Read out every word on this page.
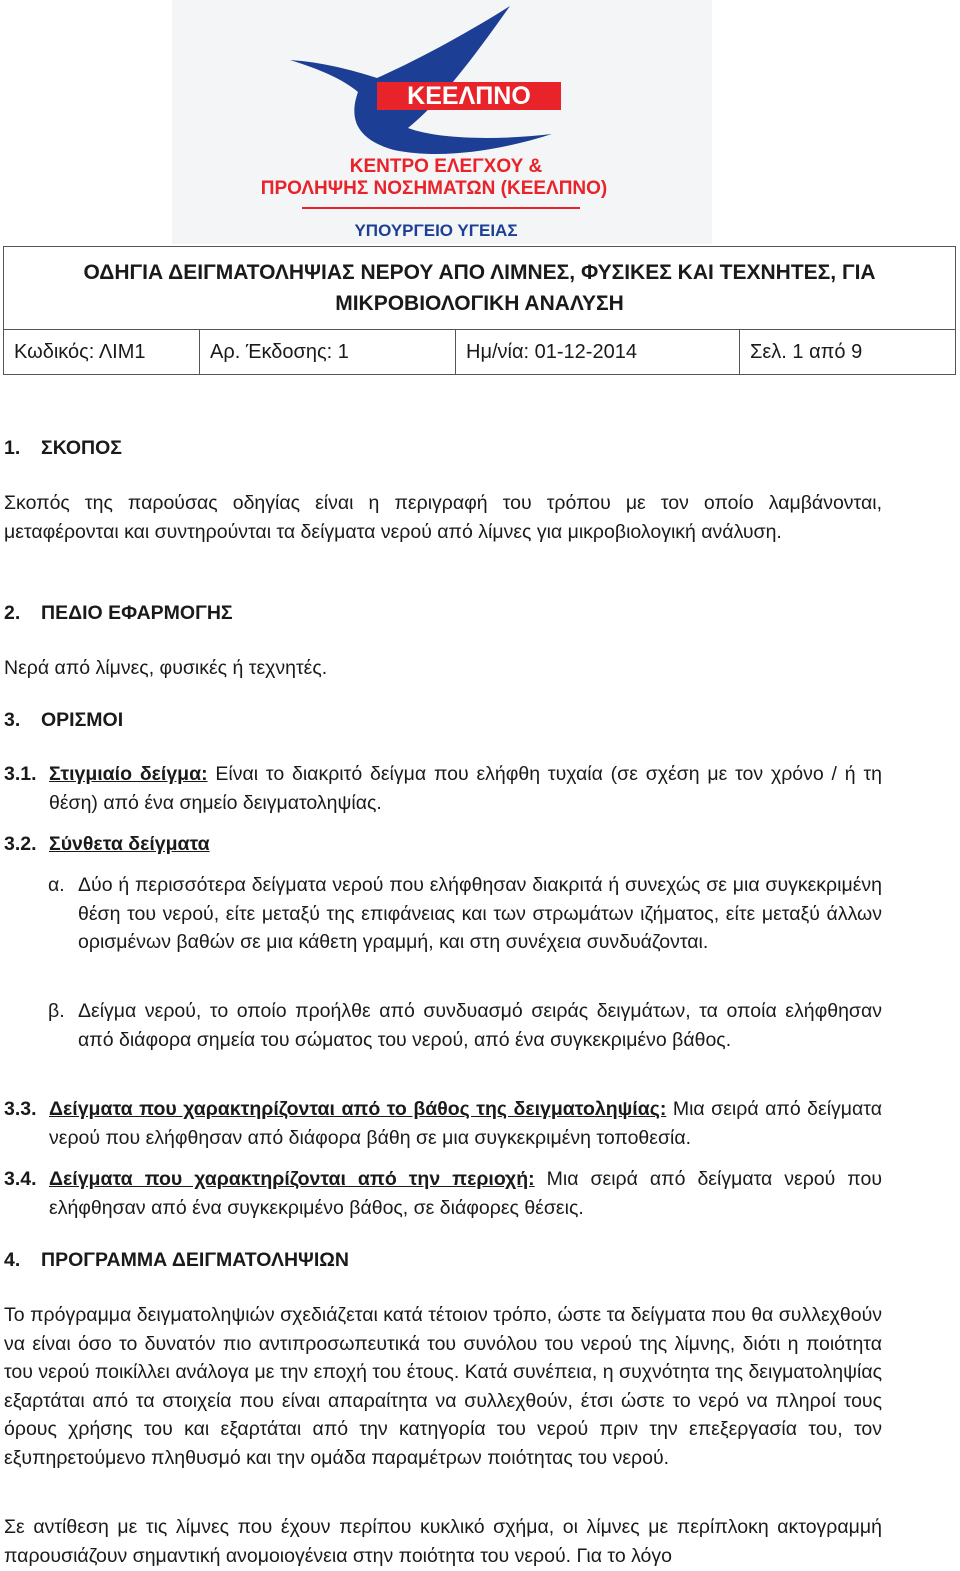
ΚΕΕΛΠΝΟ
ΚΕΝΤΡΟ ΕΛΕΓΧΟΥ &
ΠΡΟΛΗΨΗΣ ΝΟΣΗΜΑΤΩΝ (ΚΕΕΛΠΝΟ)
ΥΠΟΥΡΓΕΙΟ ΥΓΕΙΑΣ
ΟΔΗΓΙΑ ΔΕΙΓΜΑΤΟΛΗΨΙΑΣ ΝΕΡΟΥ ΑΠΟ ΛΙΜΝΕΣ, ΦΥΣΙΚΕΣ ΚΑΙ ΤΕΧΝΗΤΕΣ, ΓΙΑ
ΜΙΚΡΟΒΙΟΛΟΓΙΚΗ ΑΝΑΛΥΣΗ

Κωδικός: ΛΙΜ1	Αρ. Έκδοσης: 1	Ημ/νία: 01-12-2014	Σελ. 1 από 9
1. ΣΚΟΠΟΣ

Σκοπός της παρούσας οδηγίας είναι η περιγραφή του τρόπου με τον οποίο λαμβάνονται, μεταφέρονται και συντηρούνται τα δείγματα νερού από λίμνες για μικροβιολογική ανάλυση.

2. ΠΕΔΙΟ ΕΦΑΡΜΟΓΗΣ

Νερά από λίμνες, φυσικές ή τεχνητές.

3. ΟΡΙΣΜΟΙ
3.1. Στιγμιαίο δείγμα: Είναι το διακριτό δείγμα που ελήφθη τυχαία (σε σχέση με τον χρόνο / ή τη θέση) από ένα σημείο δειγματοληψίας.
3.2. Σύνθετα δείγματα
α. Δύο ή περισσότερα δείγματα νερού που ελήφθησαν διακριτά ή συνεχώς σε μια συγκεκριμένη θέση του νερού, είτε μεταξύ της επιφάνειας και των στρωμάτων ιζήματος, είτε μεταξύ άλλων ορισμένων βαθών σε μια κάθετη γραμμή, και στη συνέχεια συνδυάζονται.
β. Δείγμα νερού, το οποίο προήλθε από συνδυασμό σειράς δειγμάτων, τα οποία ελήφθησαν από διάφορα σημεία του σώματος του νερού, από ένα συγκεκριμένο βάθος.
3.3. Δείγματα που χαρακτηρίζονται από το βάθος της δειγματοληψίας: Μια σειρά από δείγματα νερού που ελήφθησαν από διάφορα βάθη σε μια συγκεκριμένη τοποθεσία.
3.4. Δείγματα που χαρακτηρίζονται από την περιοχή: Μια σειρά από δείγματα νερού που ελήφθησαν από ένα συγκεκριμένο βάθος, σε διάφορες θέσεις.
4. ΠΡΟΓΡΑΜΜΑ ΔΕΙΓΜΑΤΟΛΗΨΙΩΝ

Το πρόγραμμα δειγματοληψιών σχεδιάζεται κατά τέτοιον τρόπο, ώστε τα δείγματα που θα συλλεχθούν να είναι όσο το δυνατόν πιο αντιπροσωπευτικά του συνόλου του νερού της λίμνης, διότι η ποιότητα του νερού ποικίλλει ανάλογα με την εποχή του έτους. Κατά συνέπεια, η συχνότητα της δειγματοληψίας εξαρτάται από τα στοιχεία που είναι απαραίτητα να συλλεχθούν, έτσι ώστε το νερό να πληροί τους όρους χρήσης του και εξαρτάται από την κατηγορία του νερού πριν την επεξεργασία του, τον εξυπηρετούμενο πληθυσμό και την ομάδα παραμέτρων ποιότητας του νερού.

Σε αντίθεση με τις λίμνες που έχουν περίπου κυκλικό σχήμα, οι λίμνες με περίπλοκη ακτογραμμή παρουσιάζουν σημαντική ανομοιογένεια στην ποιότητα του νερού. Για το λόγο
